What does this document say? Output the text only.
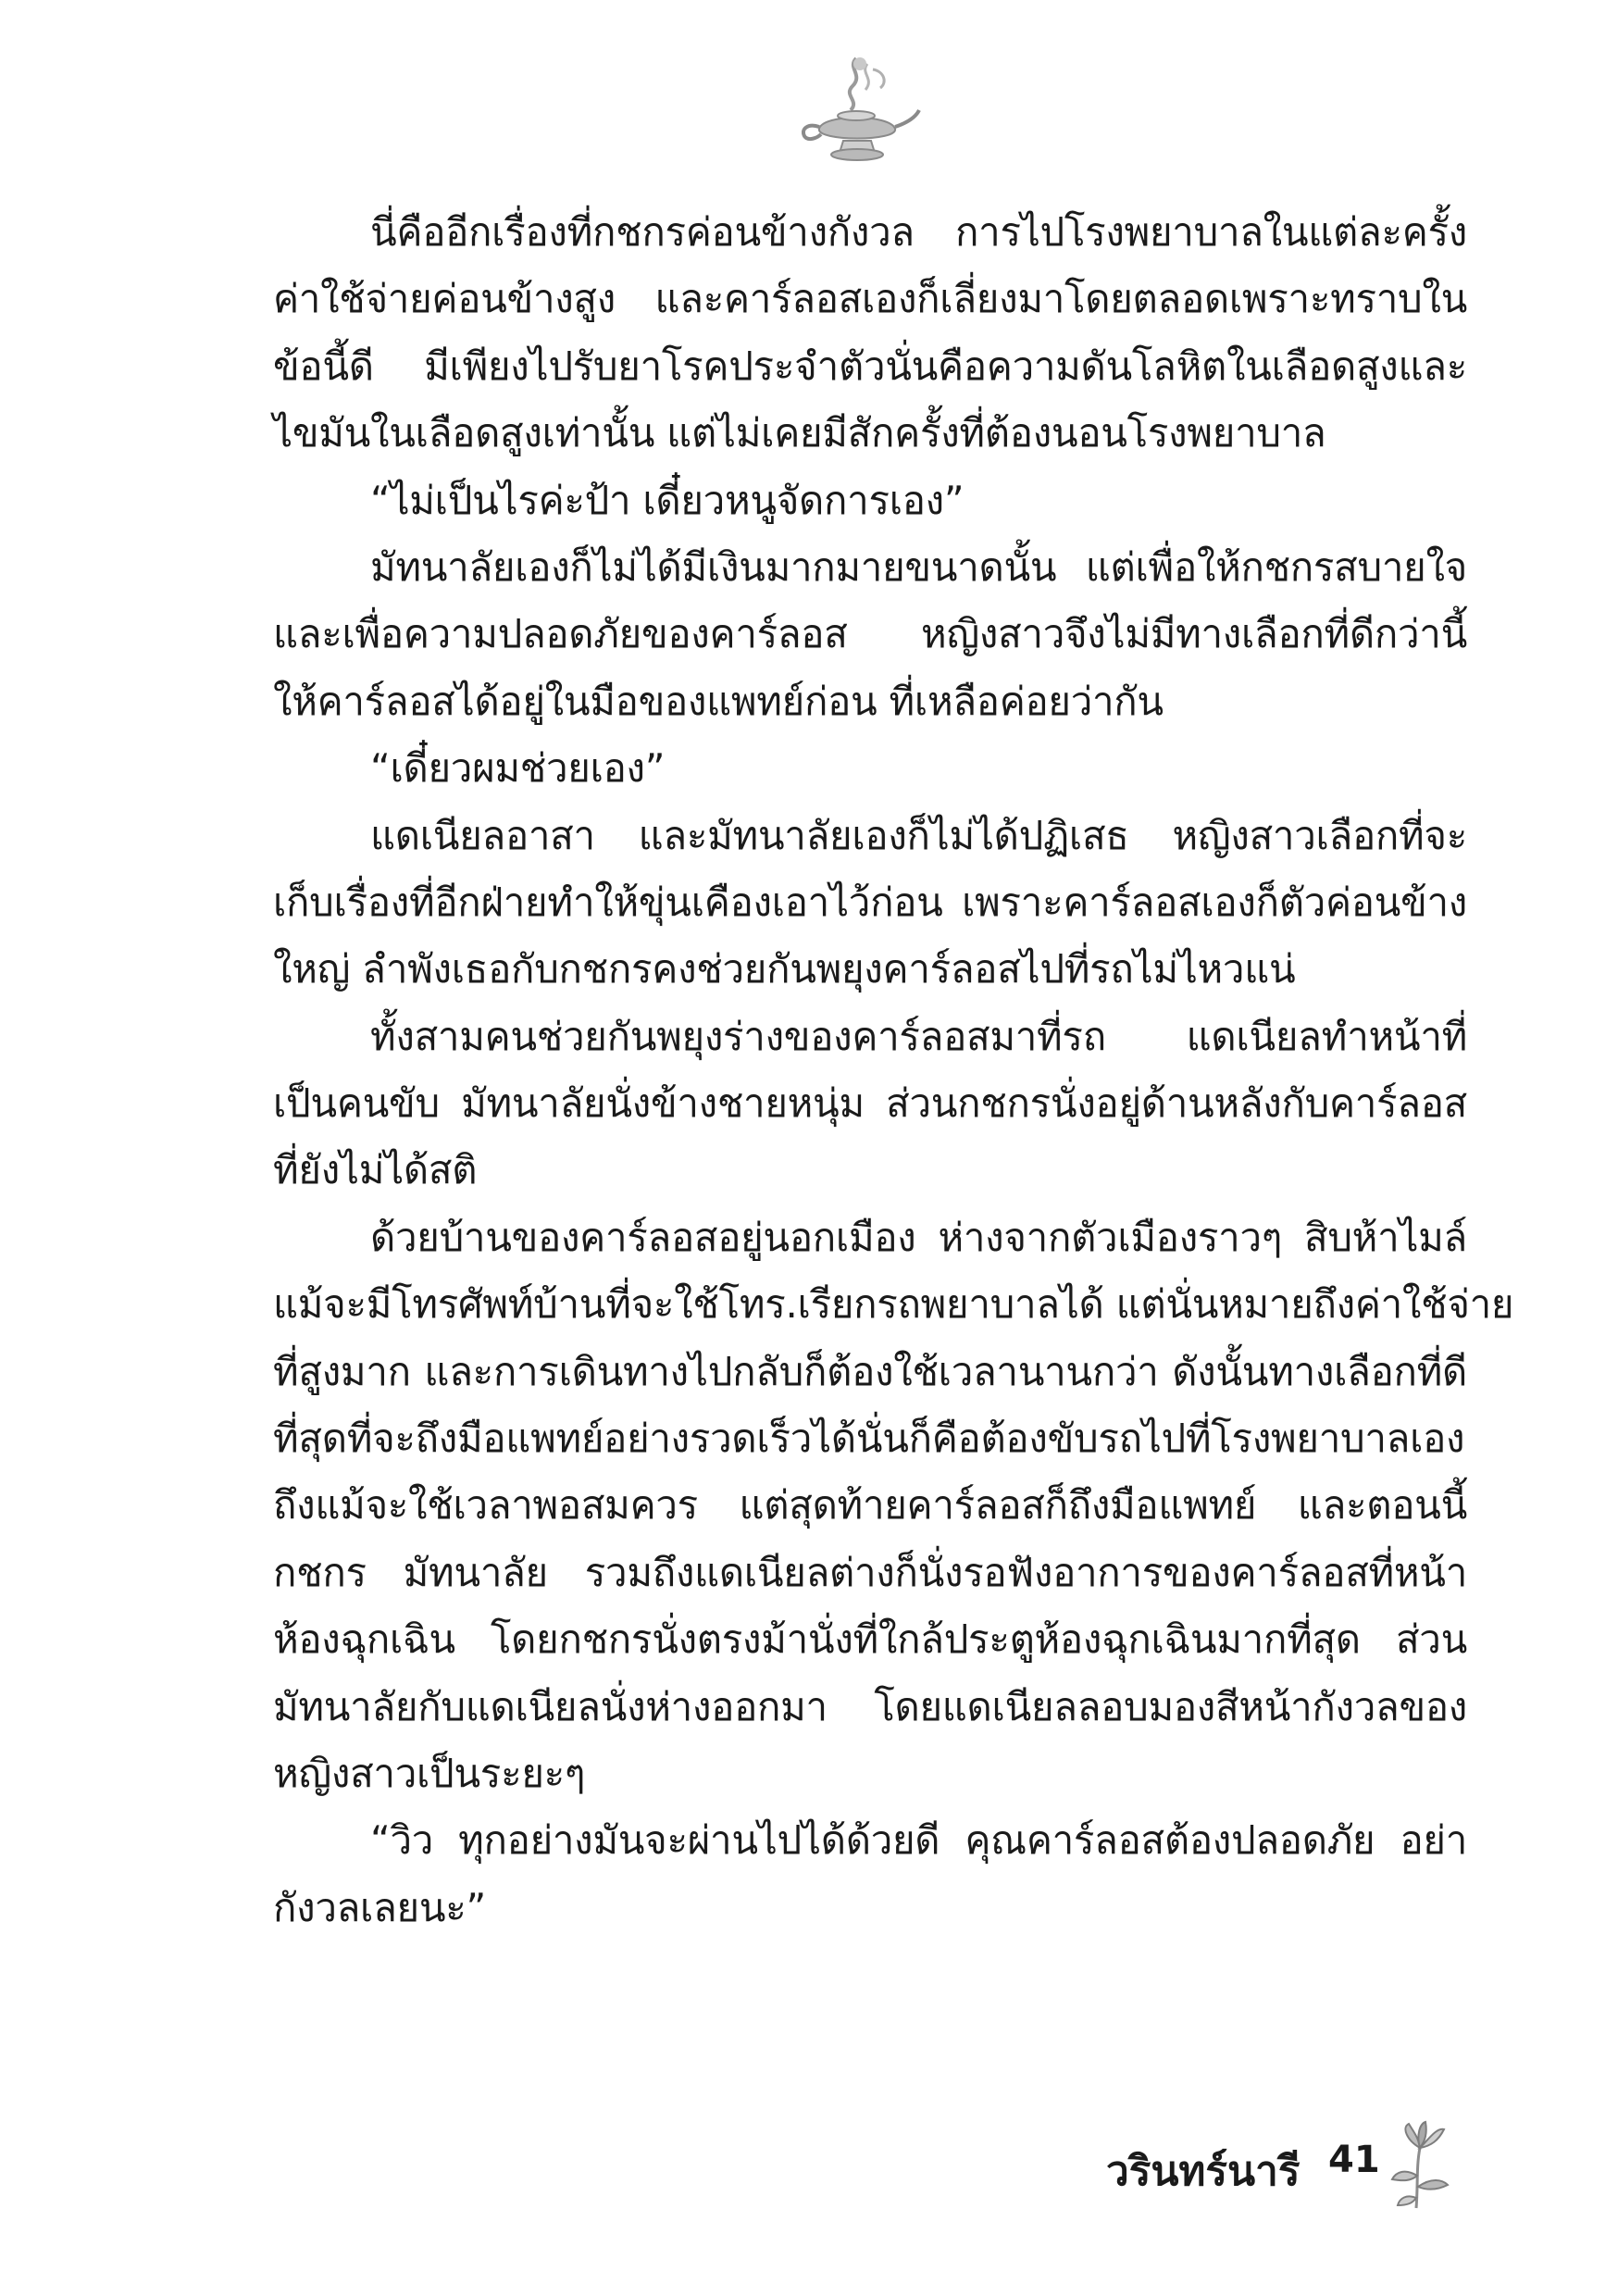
นี่คืออีกเรื่องที่กชกรค่อนข้างกังวล การไปโรงพยาบาลในแต่ละครั้ง
ค่าใช้จ่ายค่อนข้างสูง และคาร์ลอสเองก็เลี่ยงมาโดยตลอดเพราะทราบใน
ข้อนี้ดี มีเพียงไปรับยาโรคประจำตัวนั่นคือความดันโลหิตในเลือดสูงและ
ไขมันในเลือดสูงเท่านั้น แต่ไม่เคยมีสักครั้งที่ต้องนอนโรงพยาบาล
“ไม่เป็นไรค่ะป้า เดี๋ยวหนูจัดการเอง”
มัทนาลัยเองก็ไม่ได้มีเงินมากมายขนาดนั้น แต่เพื่อให้กชกรสบายใจ
และเพื่อความปลอดภัยของคาร์ลอส หญิงสาวจึงไม่มีทางเลือกที่ดีกว่านี้
ให้คาร์ลอสได้อยู่ในมือของแพทย์ก่อน ที่เหลือค่อยว่ากัน
“เดี๋ยวผมช่วยเอง”
แดเนียลอาสา และมัทนาลัยเองก็ไม่ได้ปฏิเสธ หญิงสาวเลือกที่จะ
เก็บเรื่องที่อีกฝ่ายทำให้ขุ่นเคืองเอาไว้ก่อน เพราะคาร์ลอสเองก็ตัวค่อนข้าง
ใหญ่ ลำพังเธอกับกชกรคงช่วยกันพยุงคาร์ลอสไปที่รถไม่ไหวแน่
ทั้งสามคนช่วยกันพยุงร่างของคาร์ลอสมาที่รถ แดเนียลทำหน้าที่
เป็นคนขับ มัทนาลัยนั่งข้างชายหนุ่ม ส่วนกชกรนั่งอยู่ด้านหลังกับคาร์ลอส
ที่ยังไม่ได้สติ
ด้วยบ้านของคาร์ลอสอยู่นอกเมือง ห่างจากตัวเมืองราวๆ สิบห้าไมล์
แม้จะมีโทรศัพท์บ้านที่จะใช้โทร.เรียกรถพยาบาลได้ แต่นั่นหมายถึงค่าใช้จ่าย
ที่สูงมาก และการเดินทางไปกลับก็ต้องใช้เวลานานกว่า ดังนั้นทางเลือกที่ดี
ที่สุดที่จะถึงมือแพทย์อย่างรวดเร็วได้นั่นก็คือต้องขับรถไปที่โรงพยาบาลเอง
ถึงแม้จะใช้เวลาพอสมควร แต่สุดท้ายคาร์ลอสก็ถึงมือแพทย์ และตอนนี้
กชกร มัทนาลัย รวมถึงแดเนียลต่างก็นั่งรอฟังอาการของคาร์ลอสที่หน้า
ห้องฉุกเฉิน โดยกชกรนั่งตรงม้านั่งที่ใกล้ประตูห้องฉุกเฉินมากที่สุด ส่วน
มัทนาลัยกับแดเนียลนั่งห่างออกมา โดยแดเนียลลอบมองสีหน้ากังวลของ
หญิงสาวเป็นระยะๆ
“วิว ทุกอย่างมันจะผ่านไปได้ด้วยดี คุณคาร์ลอสต้องปลอดภัย อย่า
กังวลเลยนะ”
วรินทร์นารี 41
